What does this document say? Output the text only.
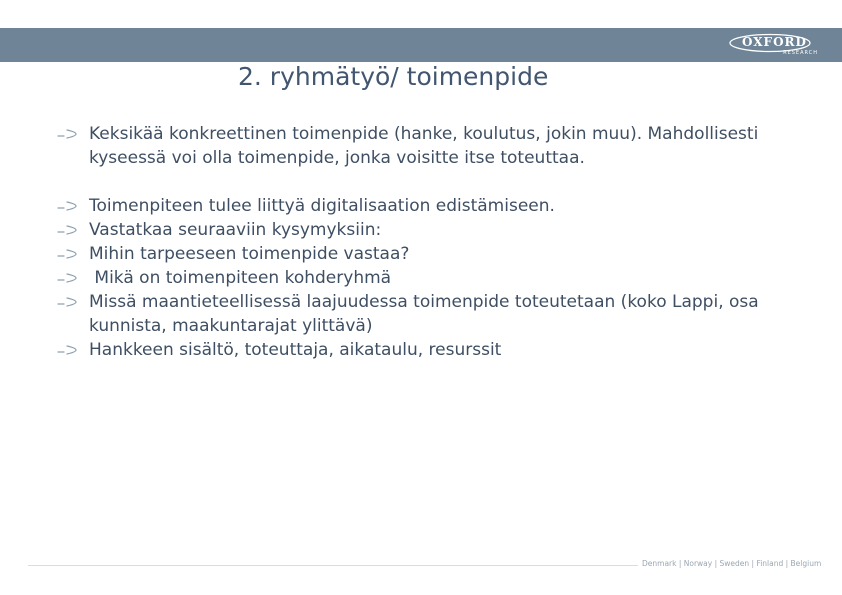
OXFORD
RESEARCH
2. ryhmätyö/ toimenpide
Keksikää konkreettinen toimenpide (hanke, koulutus, jokin muu). Mahdollisesti kyseessä voi olla toimenpide, jonka voisitte itse toteuttaa.
Toimenpiteen tulee liittyä digitalisaation edistämiseen.
Vastatkaa seuraaviin kysymyksiin:
Mihin tarpeeseen toimenpide vastaa?
Mikä on toimenpiteen kohderyhmä
Missä maantieteellisessä laajuudessa toimenpide toteutetaan (koko Lappi, osa kunnista, maakuntarajat ylittävä)
Hankkeen sisältö, toteuttaja, aikataulu, resurssit
Denmark | Norway | Sweden | Finland | Belgium
